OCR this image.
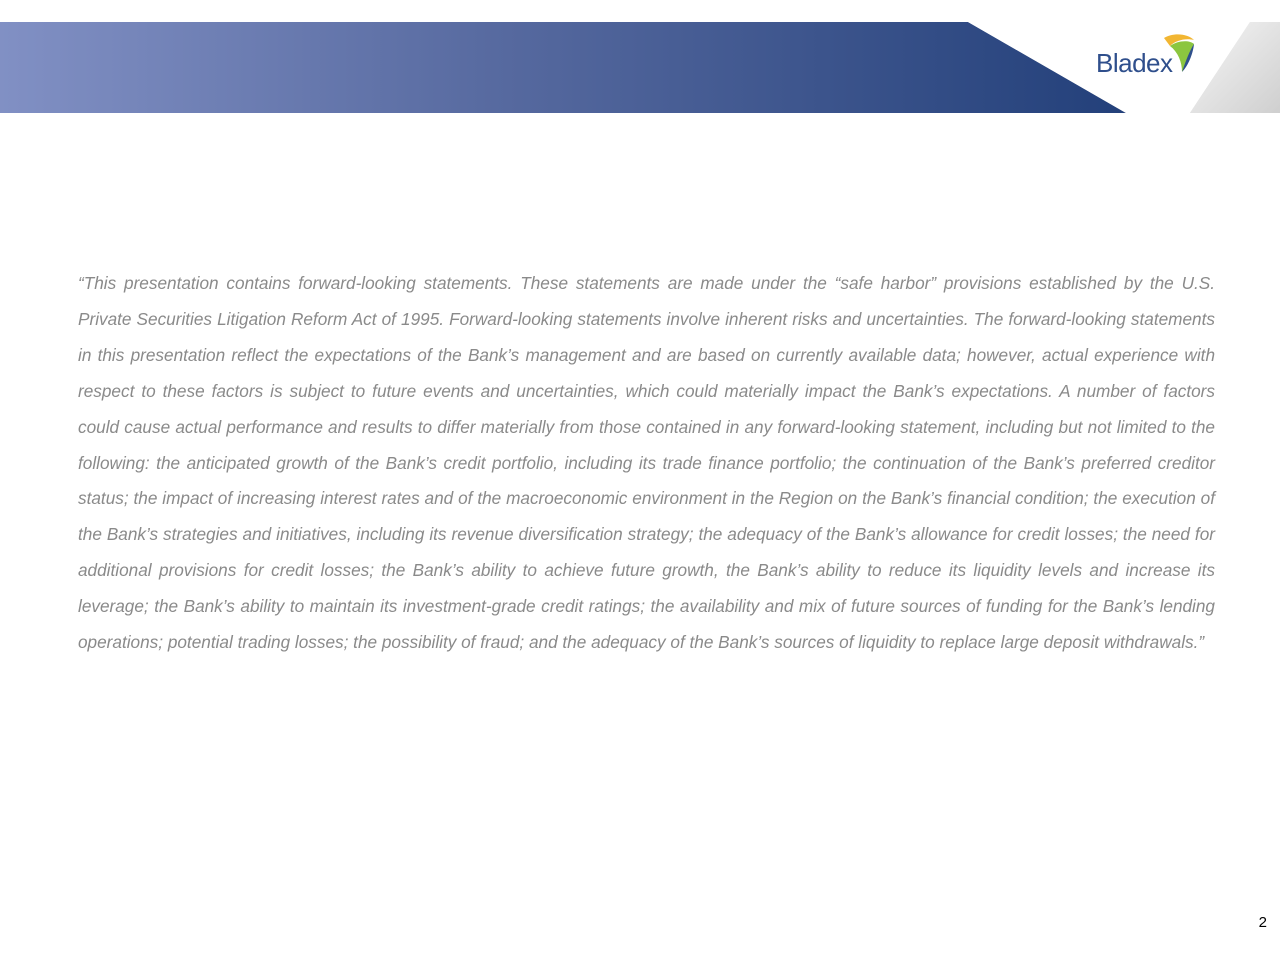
Bladex

“This presentation contains forward-looking statements. These statements are made under the “safe harbor” provisions established by the U.S. Private Securities Litigation Reform Act of 1995. Forward-looking statements involve inherent risks and uncertainties. The forward-looking statements in this presentation reflect the expectations of the Bank’s management and are based on currently available data; however, actual experience with respect to these factors is subject to future events and uncertainties, which could materially impact the Bank’s expectations. A number of factors could cause actual performance and results to differ materially from those contained in any forward-looking statement, including but not limited to the following: the anticipated growth of the Bank’s credit portfolio, including its trade finance portfolio; the continuation of the Bank’s preferred creditor status; the impact of increasing interest rates and of the macroeconomic environment in the Region on the Bank’s financial condition; the execution of the Bank’s strategies and initiatives, including its revenue diversification strategy; the adequacy of the Bank’s allowance for credit losses; the need for additional provisions for credit losses; the Bank’s ability to achieve future growth, the Bank’s ability to reduce its liquidity levels and increase its leverage; the Bank’s ability to maintain its investment-grade credit ratings; the availability and mix of future sources of funding for the Bank’s lending operations; potential trading losses; the possibility of fraud; and the adequacy of the Bank’s sources of liquidity to replace large deposit withdrawals.”

2
